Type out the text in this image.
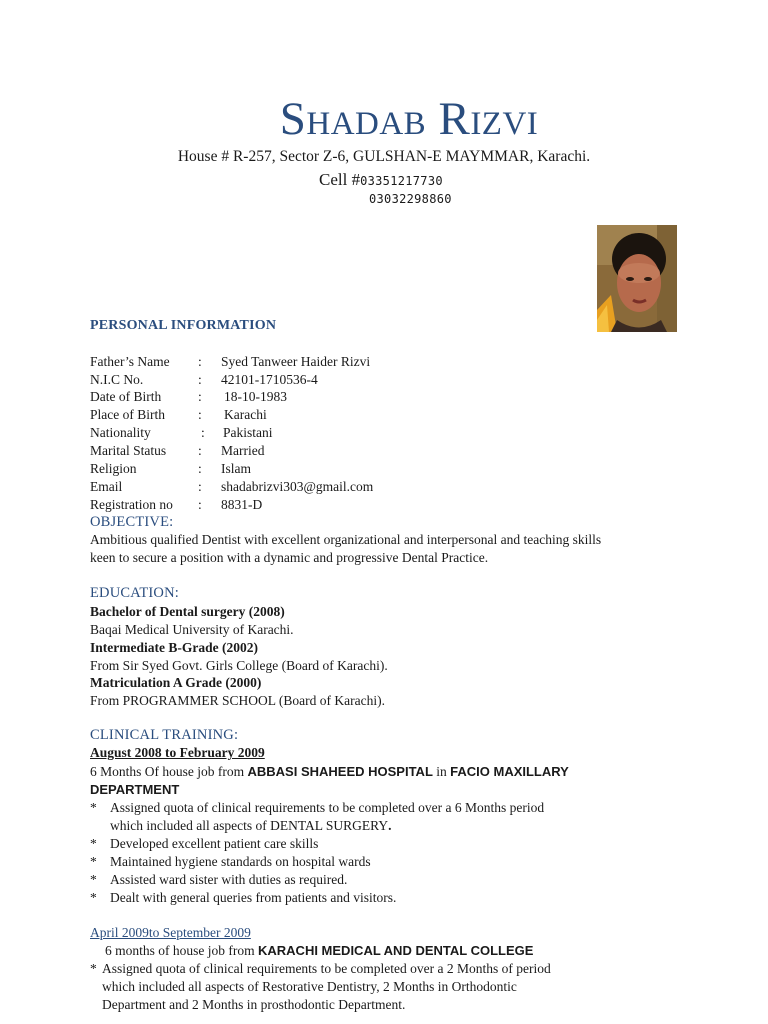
Shadab Rizvi
House # R-257, Sector Z-6, GULSHAN-E MAYMMAR, Karachi.
Cell #03351217730
03032298860
PERSONAL INFORMATION
Father’s Name : Syed Tanweer Haider Rizvi
N.I.C No.	: 42101-1710536-4
Date of Birth	: 18-10-1983
Place of Birth : Karachi
Nationality	: Pakistani
Marital Status : Married
Religion	: Islam
Email	: shadabrizvi303@gmail.com
Registration no : 8831-D
OBJECTIVE:
Ambitious qualified Dentist with excellent organizational and interpersonal and teaching skills
keen to secure a position with a dynamic and progressive Dental Practice.
EDUCATION:
Bachelor of Dental surgery (2008)
Baqai Medical University of Karachi.
Intermediate B-Grade (2002)
From Sir Syed Govt. Girls College (Board of Karachi).
Matriculation A Grade (2000)
From PROGRAMMER SCHOOL (Board of Karachi).
CLINICAL TRAINING:
August 2008 to February 2009
6 Months Of house job from ABBASI SHAHEED HOSPITAL in FACIO MAXILLARY
DEPARTMENT
* Assigned quota of clinical requirements to be completed over a 6 Months period
which included all aspects of DENTAL SURGERY.
* Developed excellent patient care skills
* Maintained hygiene standards on hospital wards
* Assisted ward sister with duties as required.
* Dealt with general queries from patients and visitors.
April 2009to September 2009
6 months of house job from KARACHI MEDICAL AND DENTAL COLLEGE
* Assigned quota of clinical requirements to be completed over a 2 Months of period
which included all aspects of Restorative Dentistry, 2 Months in Orthodontic
Department and 2 Months in prosthodontic Department.
